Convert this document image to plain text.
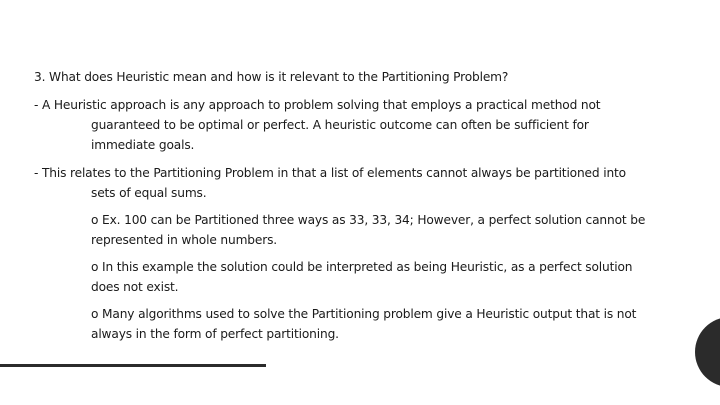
3. What does Heuristic mean and how is it relevant to the Partitioning Problem?
- A Heuristic approach is any approach to problem solving that employs a practical method not
guaranteed to be optimal or perfect. A heuristic outcome can often be sufficient for
immediate goals.
- This relates to the Partitioning Problem in that a list of elements cannot always be partitioned into
sets of equal sums.
o Ex. 100 can be Partitioned three ways as 33, 33, 34; However, a perfect solution cannot be
represented in whole numbers.
o In this example the solution could be interpreted as being Heuristic, as a perfect solution
does not exist.
o Many algorithms used to solve the Partitioning problem give a Heuristic output that is not
always in the form of perfect partitioning.
